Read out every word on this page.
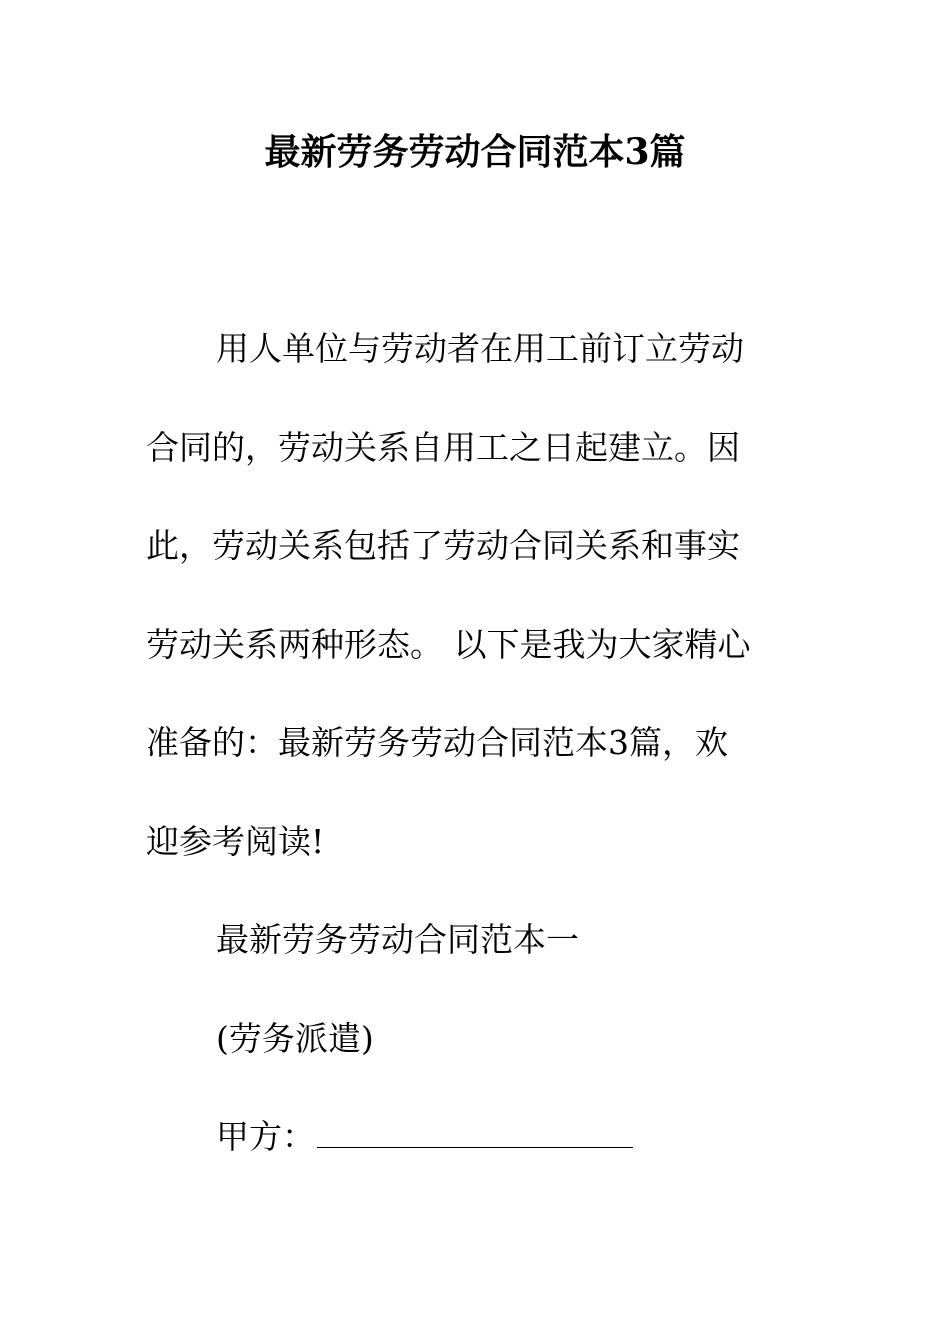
最新劳务劳动合同范本3篇
用人单位与劳动者在用工前订立劳动
合同的，劳动关系自用工之日起建立。因
此，劳动关系包括了劳动合同关系和事实
劳动关系两种形态。 以下是我为大家精心
准备的：最新劳务劳动合同范本3篇，欢
迎参考阅读!
最新劳务劳动合同范本一
(劳务派遣)
甲方：
